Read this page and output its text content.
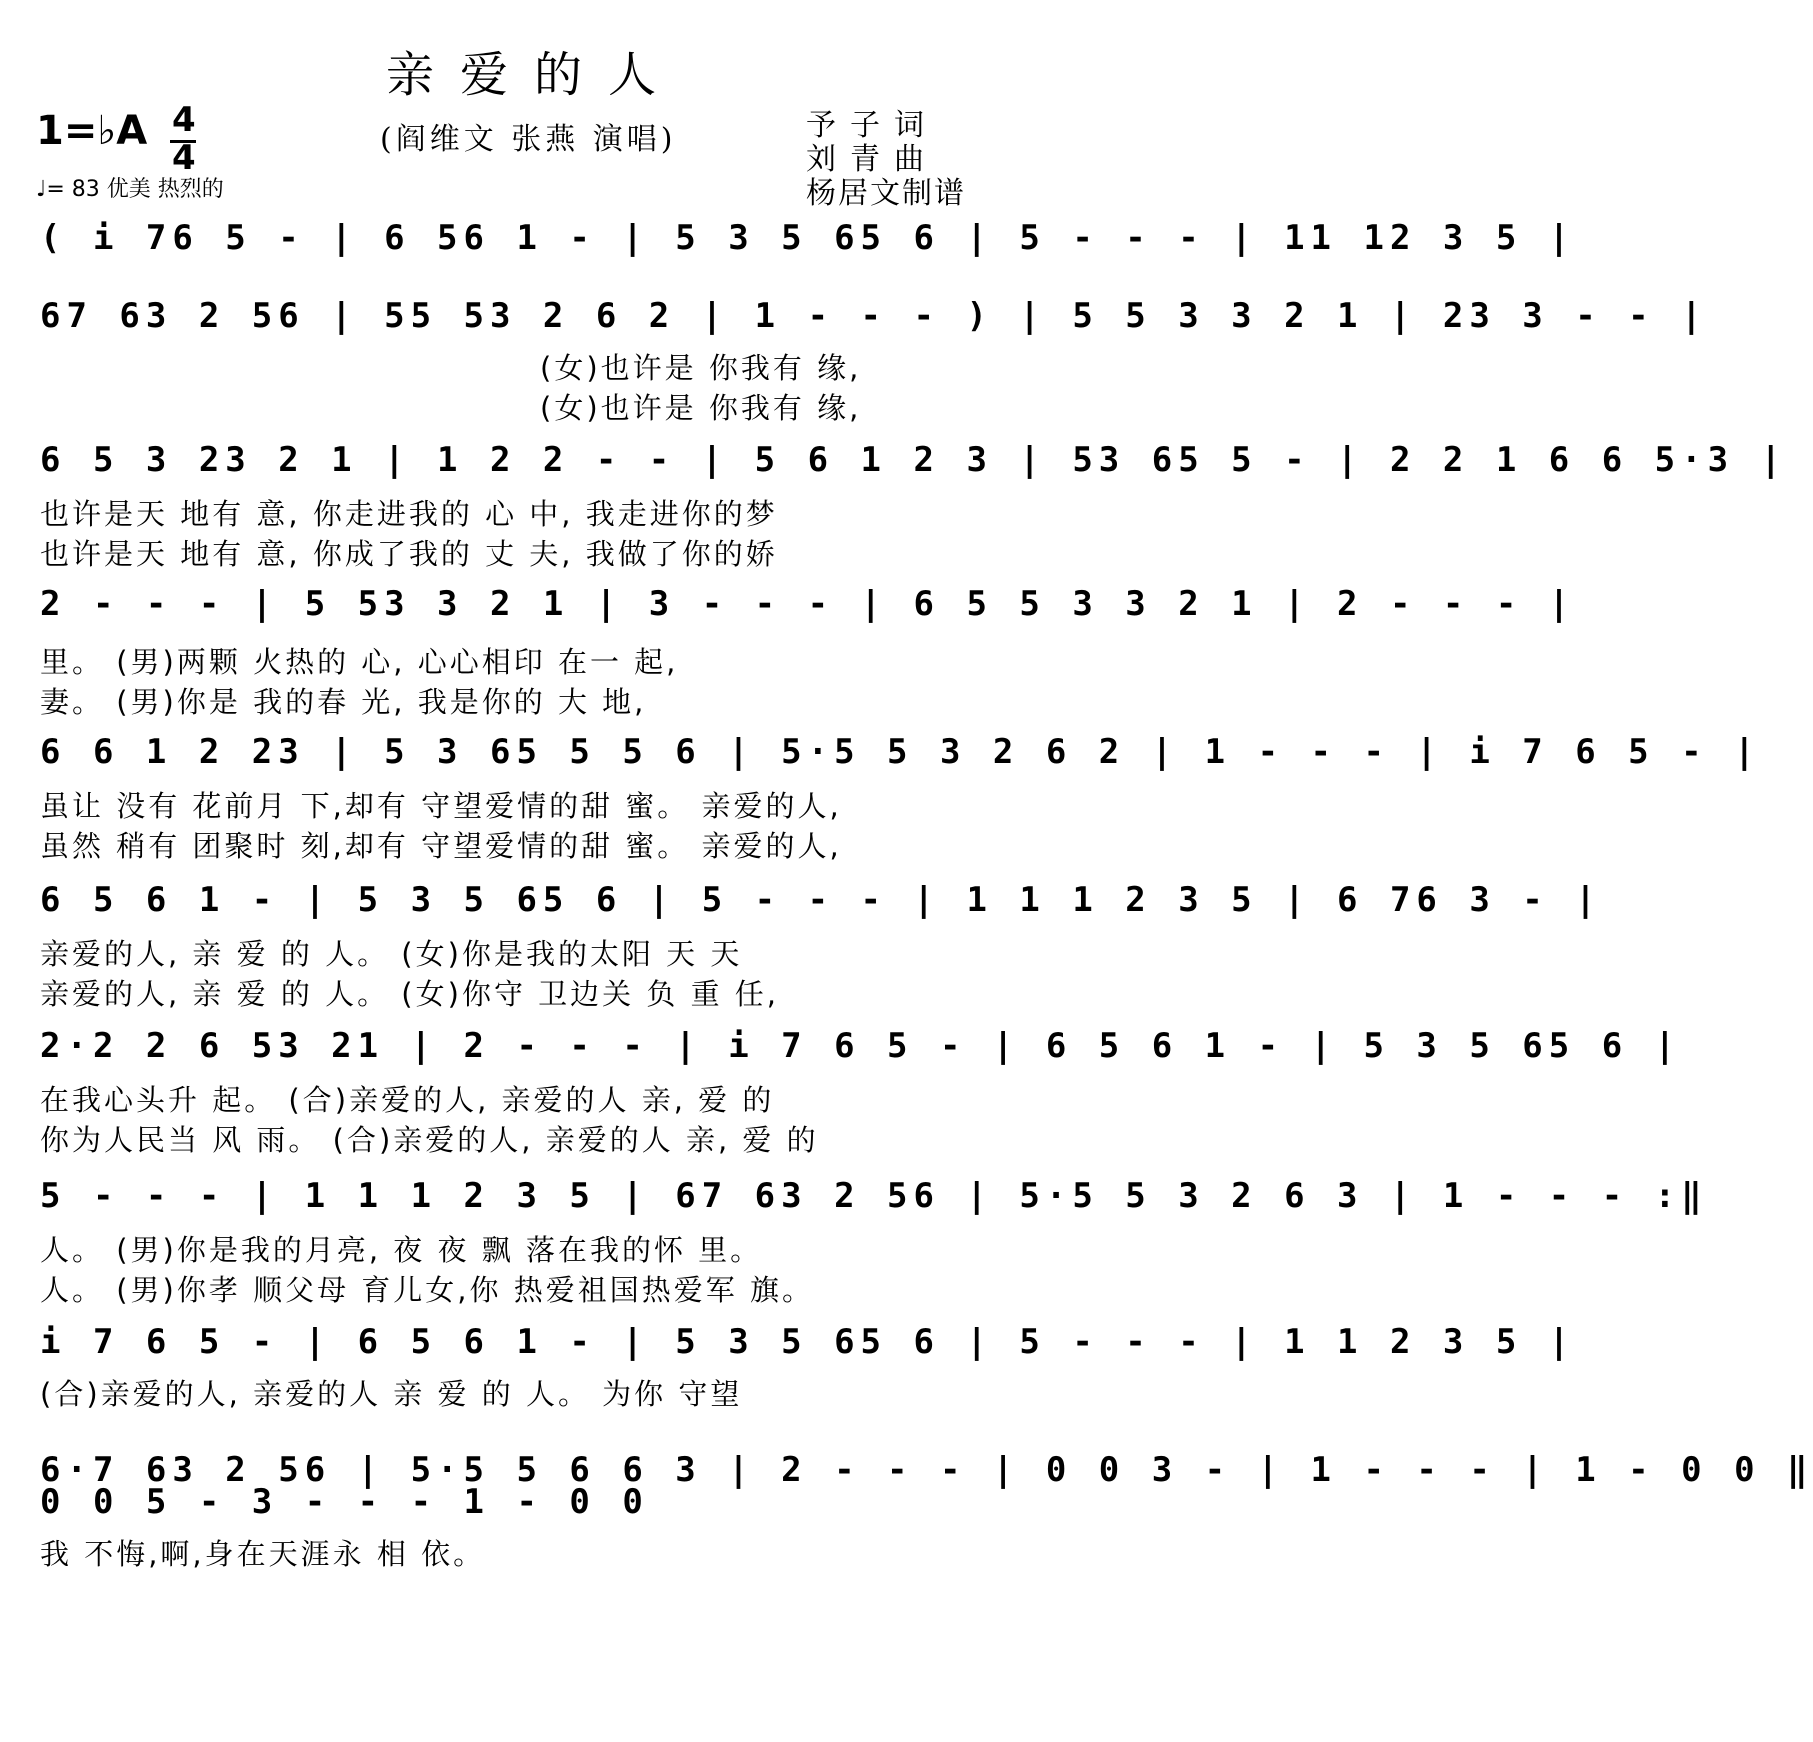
亲爱的人
1=♭A 4
4	(阎维文 张燕 演唱)
♩= 83 优美 热烈的
予子词
刘青曲
杨居文制谱
( i 76 5 - | 6 56 1 - | 5 3 5 65 6 | 5 - - - | 11 12 3 5 |
67 63 2 56 | 55 53 2 6 2 | 1 - - - ) | 5 5 3 3 2 1 | 23 3 - - |
(女)也许是 你我有 缘,
(女)也许是 你我有 缘,
6 5 3 23 2 1 | 1 2 2 - - | 5 6 1 2 3 | 53 65 5 - | 2 2 1 6 6 5·3 |
也许是天 地有 意, 你走进我的 心 中, 我走进你的梦
也许是天 地有 意, 你成了我的 丈 夫, 我做了你的娇
2 - - - | 5 53 3 2 1 | 3 - - - | 6 5 5 3 3 2 1 | 2 - - - |
里。 (男)两颗 火热的 心, 心心相印 在一 起,
妻。 (男)你是 我的春 光, 我是你的 大 地,
6 6 1 2 23 | 5 3 65 5 5 6 | 5·5 5 3 2 6 2 | 1 - - - | i 7 6 5 - |
虽让 没有 花前月 下,却有 守望爱情的甜 蜜。 亲爱的人,
虽然 稍有 团聚时 刻,却有 守望爱情的甜 蜜。 亲爱的人,
6 5 6 1 - | 5 3 5 65 6 | 5 - - - | 1 1 1 2 3 5 | 6 76 3 - |
亲爱的人, 亲 爱 的 人。 (女)你是我的太阳 天 天
亲爱的人, 亲 爱 的 人。 (女)你守 卫边关 负 重 任,
2·2 2 6 53 21 | 2 - - - | i 7 6 5 - | 6 5 6 1 - | 5 3 5 65 6 |
在我心头升 起。 (合)亲爱的人, 亲爱的人 亲, 爱 的
你为人民当 风 雨。 (合)亲爱的人, 亲爱的人 亲, 爱 的
5 - - - | 1 1 1 2 3 5 | 67 63 2 56 | 5·5 5 3 2 6 3 | 1 - - - :‖
人。 (男)你是我的月亮, 夜 夜 飘 落在我的怀 里。
人。 (男)你孝 顺父母 育儿女,你 热爱祖国热爱军 旗。
i 7 6 5 - | 6 5 6 1 - | 5 3 5 65 6 | 5 - - - | 1 1 2 3 5 |
(合)亲爱的人, 亲爱的人 亲 爱 的 人。 为你 守望
6·7 63 2 56 | 5·5 5 6 6 3 | 2 - - - | 0 0 3 - | 1 - - - | 1 - 0 0 ‖
0 0 5 - 3 - - - 1 - 0 0
我 不悔,啊,身在天涯永 相 依。
